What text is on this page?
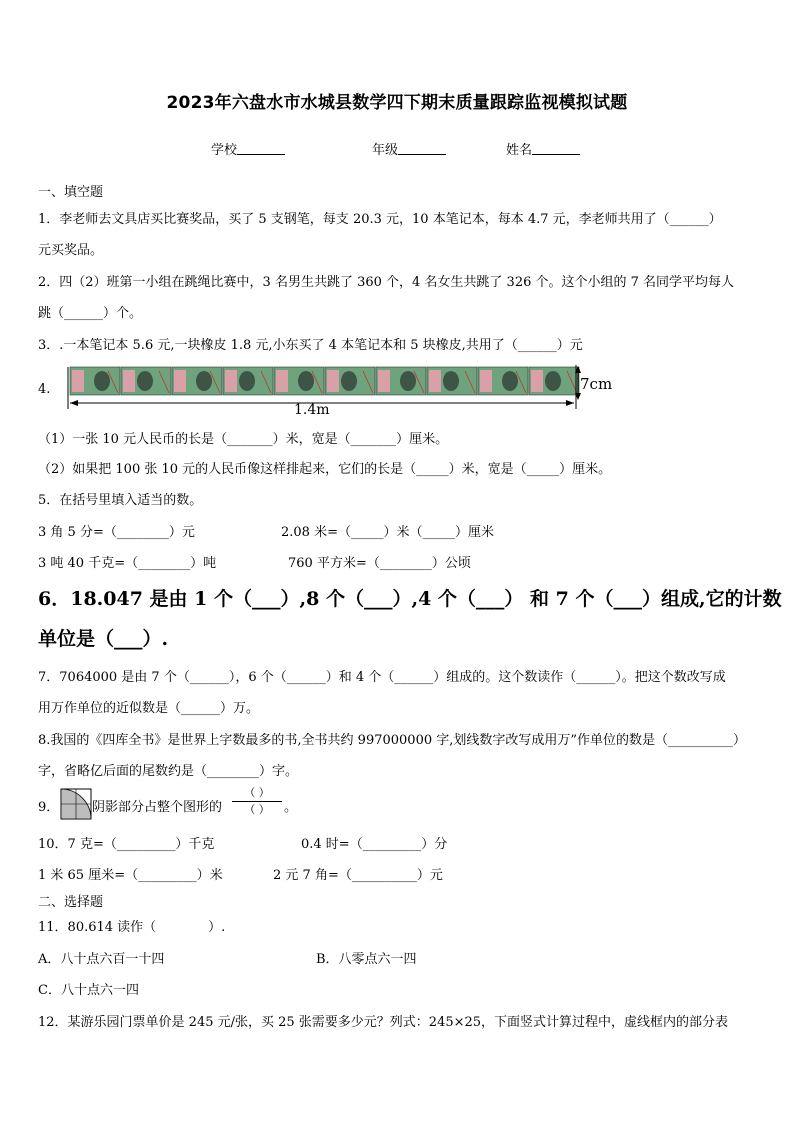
2023年六盘水市水城县数学四下期末质量跟踪监视模拟试题
学校	年级	姓名
一、填空题
1．李老师去文具店买比赛奖品，买了 5 支钢笔，每支 20.3 元，10 本笔记本，每本 4.7 元，李老师共用了（______）
元买奖品。
2．四（2）班第一小组在跳绳比赛中，3 名男生共跳了 360 个，4 名女生共跳了 326 个。这个小组的 7 名同学平均每人
跳（______）个。
3．.一本笔记本 5.6 元,一块橡皮 1.8 元,小东买了 4 本笔记本和 5 块橡皮,共用了（______）元
4.
1.4m
7cm
（1）一张 10 元人民币的长是（_______）米，宽是（_______）厘米。
（2）如果把 100 张 10 元的人民币像这样排起来，它们的长是（_____）米，宽是（_____）厘米。
5．在括号里填入适当的数。
3 角 5 分=（________）元	2.08 米=（_____）米（_____）厘米
3 吨 40 千克=（________）吨	760 平方米=（________）公顷
6．18.047 是由 1 个（___）,8 个（___）,4 个（___） 和 7 个（___）组成,它的计数
单位是（___）.
7．7064000 是由 7 个（______），6 个（______）和 4 个（______）组成的。这个数读作（______）。把这个数改写成
用万作单位的近似数是（______）万。
8.我国的《四库全书》是世界上字数最多的书,全书共约 997000000 字,划线数字改写成用万”作单位的数是（__________）
字，省略亿后面的尾数约是（________）字。
9．	阴影部分占整个图形的
（ ）
（ ）	。
10．7 克=（_________）千克	0.4 时=（_________）分
1 米 65 厘米=（_________）米	2 元 7 角=（__________）元
二、选择题
11．80.614 读作（　　　　）.
A．八十点六百一十四	B．八零点六一四
C．八十点六一四
12．某游乐园门票单价是 245 元/张，买 25 张需要多少元？列式：245×25，下面竖式计算过程中，虚线框内的部分表
